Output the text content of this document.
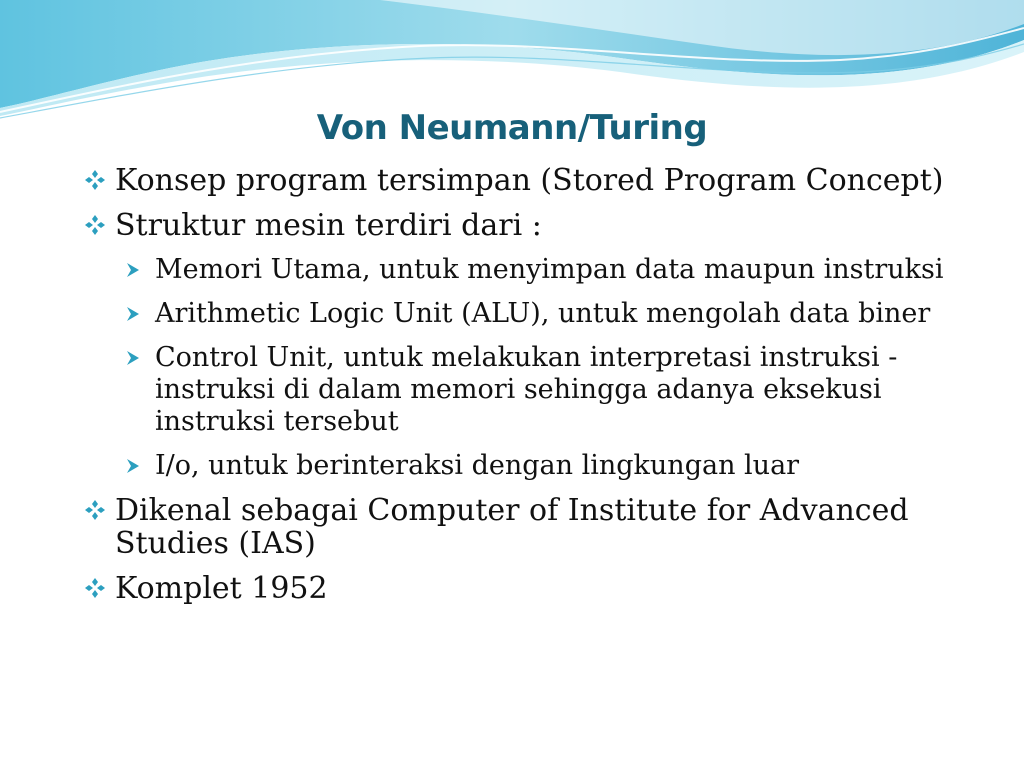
Von Neumann/Turing
Konsep program tersimpan (Stored Program Concept)
Struktur mesin terdiri dari :
Memori Utama, untuk menyimpan data maupun instruksi
Arithmetic Logic Unit (ALU), untuk mengolah data biner
Control Unit, untuk melakukan interpretasi instruksi - instruksi di dalam memori sehingga adanya eksekusi instruksi tersebut
I/o, untuk berinteraksi dengan lingkungan luar
Dikenal sebagai Computer of Institute for Advanced Studies (IAS)
Komplet 1952
